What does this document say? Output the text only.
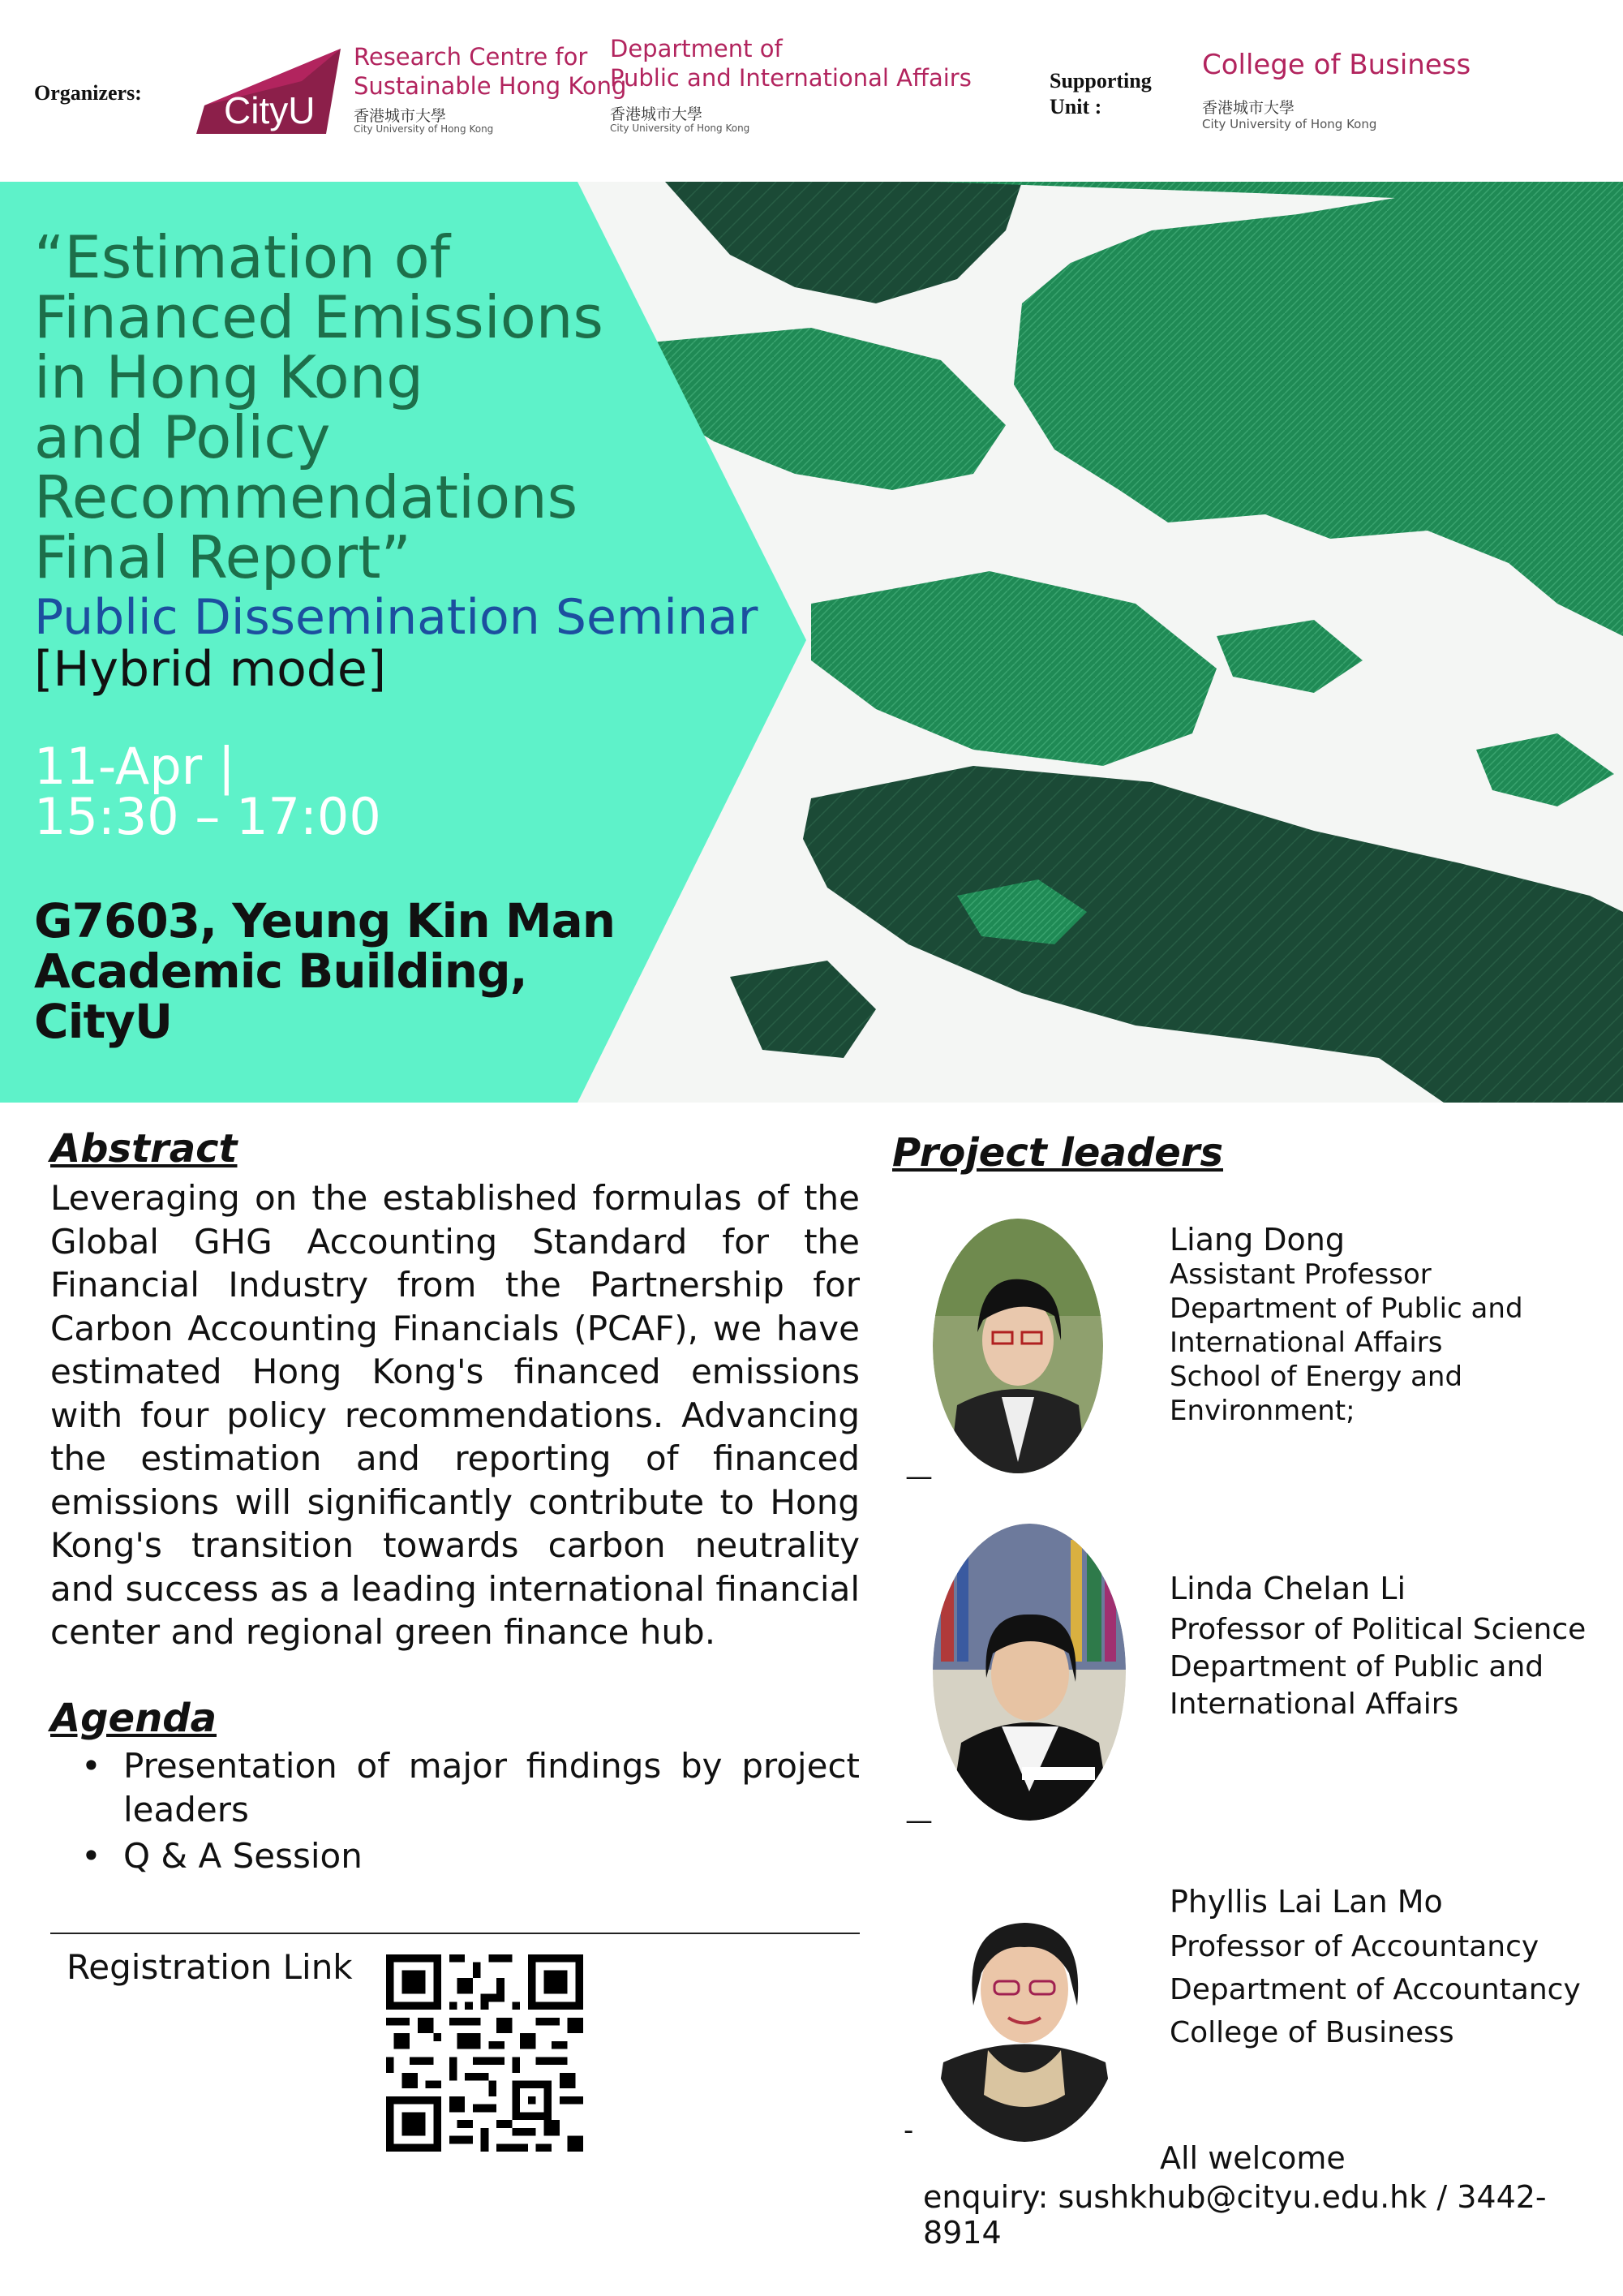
Organizers: CityU
Research Centre for
Sustainable Hong Kong
香港城市大學
City University of Hong Kong
Department of
Public and International Affairs
香港城市大學
City University of Hong Kong
Supporting
Unit :
College of Business
香港城市大學
City University of Hong Kong
“Estimation of
Financed Emissions
in Hong Kong
and Policy
Recommendations
Final Report”
Public Dissemination Seminar
[Hybrid mode]
11-Apr |
15:30 – 17:00
G7603, Yeung Kin Man
Academic Building,
CityU
Abstract
Leveraging on the established formulas of the Global GHG Accounting Standard for the Financial Industry from the Partnership for Carbon Accounting Financials (PCAF), we have estimated Hong Kong's financed emissions with four policy recommendations. Advancing the estimation and reporting of financed emissions will significantly contribute to Hong Kong's transition towards carbon neutrality and success as a leading international financial center and regional green finance hub.
Agenda
• Presentation of major findings by project leaders
• Q & A Session
Registration Link
Project leaders
Liang Dong
Assistant Professor
Department of Public and
International Affairs
School of Energy and
Environment;
—
Linda Chelan Li
Professor of Political Science
Department of Public and
International Affairs
—
Phyllis Lai Lan Mo
Professor of Accountancy
Department of Accountancy
College of Business
-
All welcome
enquiry: sushkhub@cityu.edu.hk / 3442-8914
